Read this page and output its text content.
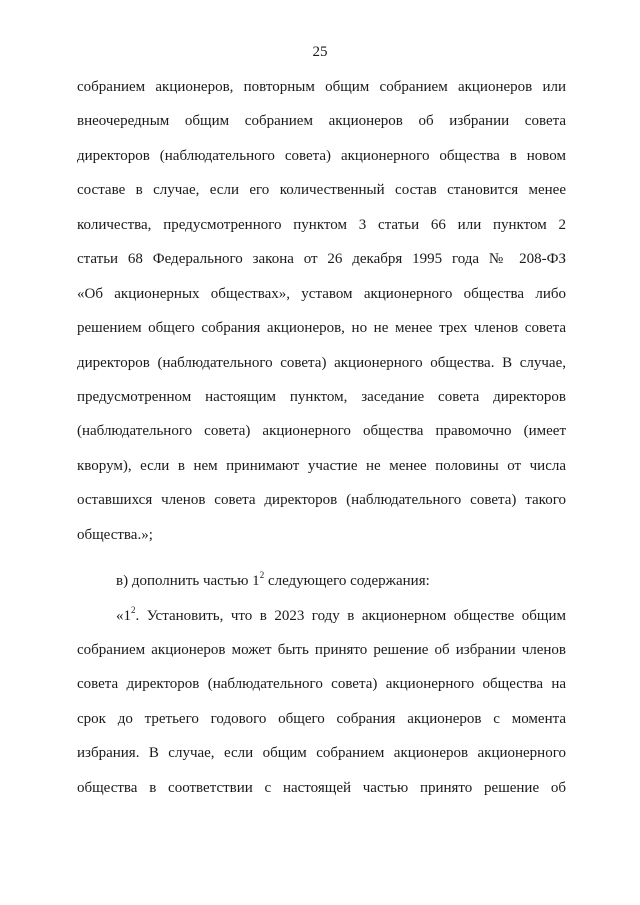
25
собранием акционеров, повторным общим собранием акционеров или
внеочередным общим собранием акционеров об избрании совета
директоров (наблюдательного совета) акционерного общества в новом
составе в случае, если его количественный состав становится менее
количества, предусмотренного пунктом 3 статьи 66 или пунктом 2
статьи 68 Федерального закона от 26 декабря 1995 года № 208-ФЗ
«Об акционерных обществах», уставом акционерного общества либо
решением общего собрания акционеров, но не менее трех членов совета
директоров (наблюдательного совета) акционерного общества. В случае,
предусмотренном настоящим пунктом, заседание совета директоров
(наблюдательного совета) акционерного общества правомочно (имеет
кворум), если в нем принимают участие не менее половины от числа
оставшихся членов совета директоров (наблюдательного совета) такого
общества.»;
в) дополнить частью $1^2$ следующего содержания:
«$1^2$. Установить, что в 2023 году в акционерном обществе общим
собранием акционеров может быть принято решение об избрании членов
совета директоров (наблюдательного совета) акционерного общества на
срок до третьего годового общего собрания акционеров с момента
избрания. В случае, если общим собранием акционеров акционерного
общества в соответствии с настоящей частью принято решение об
